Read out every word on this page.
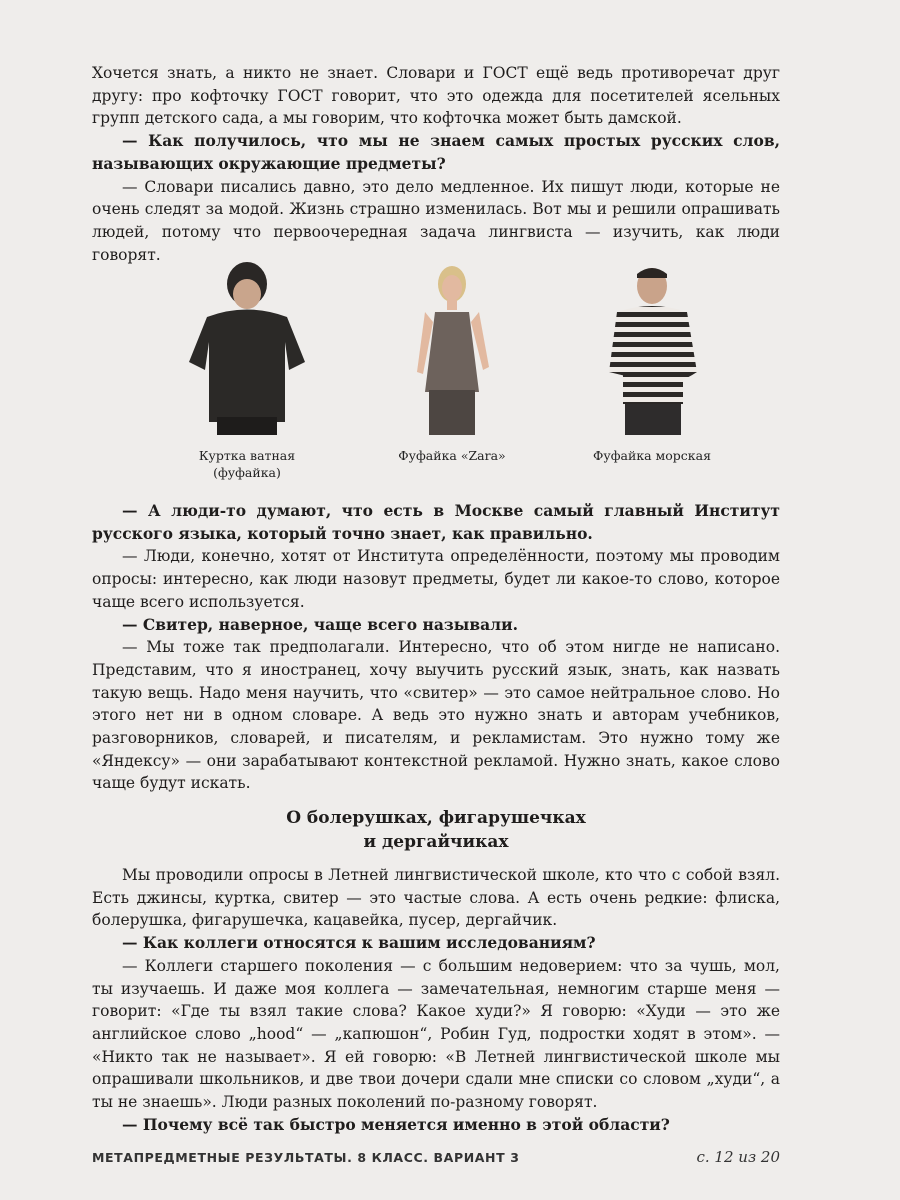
Хочется знать, а никто не знает. Словари и ГОСТ ещё ведь противоречат друг другу: про кофточку ГОСТ говорит, что это одежда для посетителей ясельных групп детского сада, а мы говорим, что кофточка может быть дамской.

— Как получилось, что мы не знаем самых простых русских слов, называющих окружающие предметы?

— Словари писались давно, это дело медленное. Их пишут люди, которые не очень следят за модой. Жизнь страшно изменилась. Вот мы и решили опрашивать людей, потому что первоочередная задача лингвиста — изучить, как люди говорят.

Куртка ватная
(фуфайка)
Фуфайка «Zara»	Фуфайка морская

— А люди-то думают, что есть в Москве самый главный Институт русского языка, который точно знает, как правильно.

— Люди, конечно, хотят от Института определённости, поэтому мы проводим опросы: интересно, как люди назовут предметы, будет ли какое-то слово, которое чаще всего используется.

— Свитер, наверное, чаще всего называли.

— Мы тоже так предполагали. Интересно, что об этом нигде не написано. Представим, что я иностранец, хочу выучить русский язык, знать, как назвать такую вещь. Надо меня научить, что «свитер» — это самое нейтральное слово. Но этого нет ни в одном словаре. А ведь это нужно знать и авторам учебников, разговорников, словарей, и писателям, и рекламистам. Это нужно тому же «Яндексу» — они зарабатывают контекстной рекламой. Нужно знать, какое слово чаще будут искать.

О болерушках, фигарушечках
и дергайчиках

Мы проводили опросы в Летней лингвистической школе, кто что с собой взял. Есть джинсы, куртка, свитер — это частые слова. А есть очень редкие: флиска, болерушка, фигарушечка, кацавейка, пусер, дергайчик.

— Как коллеги относятся к вашим исследованиям?

— Коллеги старшего поколения — с большим недоверием: что за чушь, мол, ты изучаешь. И даже моя коллега — замечательная, немногим старше меня — говорит: «Где ты взял такие слова? Какое худи?» Я говорю: «Худи — это же английское слово „hood“ — „капюшон“, Робин Гуд, подростки ходят в этом». — «Никто так не называет». Я ей говорю: «В Летней лингвистической школе мы опрашивали школьников, и две твои дочери сдали мне списки со словом „худи“, а ты не знаешь». Люди разных поколений по-разному говорят.

— Почему всё так быстро меняется именно в этой области?

МЕТАПРЕДМЕТНЫЕ РЕЗУЛЬТАТЫ. 8 КЛАСС. ВАРИАНТ 3	с. 12 из 20
